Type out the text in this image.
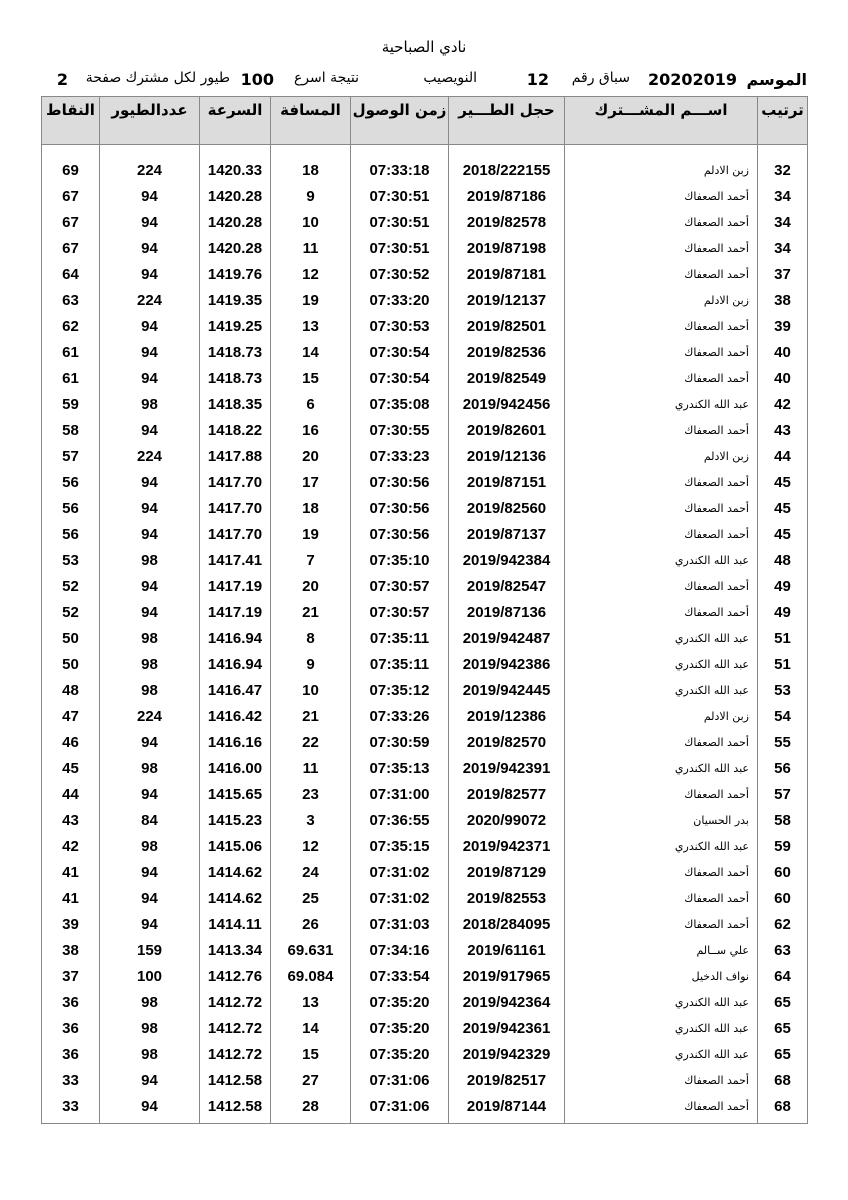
نادي الصباحية
الموسم
20202019
سباق رقم
12
النويصيب
نتيجة اسرع
100
طيور لكل مشترك صفحة
2
ترتيب	اســـم المشـــترك	حجل الطـــير	زمن الوصول	المسافة	السرعة	عددالطيور	النقاط

32	زبن الادلم	2018/222155	07:33:18	18	1420.33	224	69
34	أحمد الصعفاك	2019/87186	07:30:51	9	1420.28	94	67
34	أحمد الصعفاك	2019/82578	07:30:51	10	1420.28	94	67
34	أحمد الصعفاك	2019/87198	07:30:51	11	1420.28	94	67
37	أحمد الصعفاك	2019/87181	07:30:52	12	1419.76	94	64
38	زبن الادلم	2019/12137	07:33:20	19	1419.35	224	63
39	أحمد الصعفاك	2019/82501	07:30:53	13	1419.25	94	62
40	أحمد الصعفاك	2019/82536	07:30:54	14	1418.73	94	61
40	أحمد الصعفاك	2019/82549	07:30:54	15	1418.73	94	61
42	عبد الله الكندري	2019/942456	07:35:08	6	1418.35	98	59
43	أحمد الصعفاك	2019/82601	07:30:55	16	1418.22	94	58
44	زبن الادلم	2019/12136	07:33:23	20	1417.88	224	57
45	أحمد الصعفاك	2019/87151	07:30:56	17	1417.70	94	56
45	أحمد الصعفاك	2019/82560	07:30:56	18	1417.70	94	56
45	أحمد الصعفاك	2019/87137	07:30:56	19	1417.70	94	56
48	عبد الله الكندري	2019/942384	07:35:10	7	1417.41	98	53
49	أحمد الصعفاك	2019/82547	07:30:57	20	1417.19	94	52
49	أحمد الصعفاك	2019/87136	07:30:57	21	1417.19	94	52
51	عبد الله الكندري	2019/942487	07:35:11	8	1416.94	98	50
51	عبد الله الكندري	2019/942386	07:35:11	9	1416.94	98	50
53	عبد الله الكندري	2019/942445	07:35:12	10	1416.47	98	48
54	زبن الادلم	2019/12386	07:33:26	21	1416.42	224	47
55	أحمد الصعفاك	2019/82570	07:30:59	22	1416.16	94	46
56	عبد الله الكندري	2019/942391	07:35:13	11	1416.00	98	45
57	أحمد الصعفاك	2019/82577	07:31:00	23	1415.65	94	44
58	بدر الحسيان	2020/99072	07:36:55	3	1415.23	84	43
59	عبد الله الكندري	2019/942371	07:35:15	12	1415.06	98	42
60	أحمد الصعفاك	2019/87129	07:31:02	24	1414.62	94	41
60	أحمد الصعفاك	2019/82553	07:31:02	25	1414.62	94	41
62	أحمد الصعفاك	2018/284095	07:31:03	26	1414.11	94	39
63	علي ســالم	2019/61161	07:34:16	69.631	1413.34	159	38
64	نواف الدخيل	2019/917965	07:33:54	69.084	1412.76	100	37
65	عبد الله الكندري	2019/942364	07:35:20	13	1412.72	98	36
65	عبد الله الكندري	2019/942361	07:35:20	14	1412.72	98	36
65	عبد الله الكندري	2019/942329	07:35:20	15	1412.72	98	36
68	أحمد الصعفاك	2019/82517	07:31:06	27	1412.58	94	33
68	أحمد الصعفاك	2019/87144	07:31:06	28	1412.58	94	33
